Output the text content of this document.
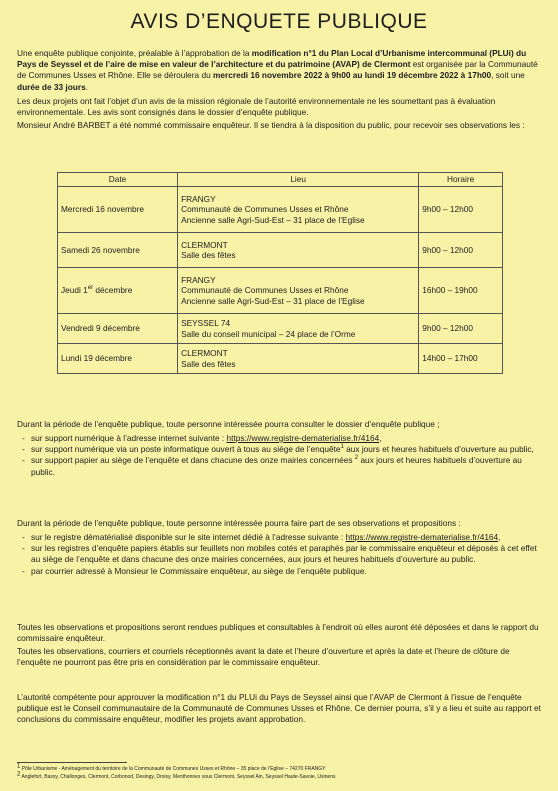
AVIS D’ENQUETE PUBLIQUE

Une enquête publique conjointe, préalable à l’approbation de la modification n°1 du Plan Local d’Urbanisme intercommunal (PLUi) du Pays de Seyssel et de l’aire de mise en valeur de l’architecture et du patrimoine (AVAP) de Clermont est organisée par la Communauté de Communes Usses et Rhône. Elle se déroulera du mercredi 16 novembre 2022 à 9h00 au lundi 19 décembre 2022 à 17h00, soit une durée de 33 jours.

Les deux projets ont fait l’objet d’un avis de la mission régionale de l’autorité environnementale ne les soumettant pas à évaluation environnementale. Les avis sont consignés dans le dossier d’enquête publique.

Monsieur André BARBET a été nommé commissaire enquêteur. Il se tiendra à la disposition du public, pour recevoir ses observations les :

Date	Lieu	Horaire
Mercredi 16 novembre	FRANGY
Communauté de Communes Usses et Rhône
Ancienne salle Agri-Sud-Est – 31 place de l’Eglise	9h00 – 12h00
Samedi 26 novembre	CLERMONT
Salle des fêtes	9h00 – 12h00
Jeudi 1er décembre	FRANGY
Communauté de Communes Usses et Rhône
Ancienne salle Agri-Sud-Est – 31 place de l’Eglise	16h00 – 19h00
Vendredi 9 décembre	SEYSSEL 74
Salle du conseil municipal – 24 place de l’Orme	9h00 – 12h00
Lundi 19 décembre	CLERMONT
Salle des fêtes	14h00 – 17h00

Durant la période de l’enquête publique, toute personne intéressée pourra consulter le dossier d’enquête publique ;

- sur support numérique à l’adresse internet suivante : https://www.registre-dematerialise.fr/4164,
- sur support numérique via un poste informatique ouvert à tous au siège de l’enquête$^1$ aux jours et heures habituels d’ouverture au public,
- sur support papier au siège de l’enquête et dans chacune des onze mairies concernées $^2$ aux jours et heures habituels d’ouverture au public.

Durant la période de l’enquête publique, toute personne intéressée pourra faire part de ses observations et propositions :

- sur le registre dématérialisé disponible sur le site internet dédié à l’adresse suivante : https://www.registre-dematerialise.fr/4164,
- sur les registres d’enquête papiers établis sur feuillets non mobiles cotés et paraphés par le commissaire enquêteur et déposés à cet effet au siège de l’enquête et dans chacune des onze mairies concernées, aux jours et heures habituels d’ouverture au public.
- par courrier adressé à Monsieur le Commissaire enquêteur, au siège de l’enquête publique.

Toutes les observations et propositions seront rendues publiques et consultables à l’endroit où elles auront été déposées et dans le rapport du commissaire enquêteur.

Toutes les observations, courriers et courriels réceptionnés avant la date et l’heure d’ouverture et après la date et l’heure de clôture de l’enquête ne pourront pas être pris en considération par le commissaire enquêteur.

L’autorité compétente pour approuver la modification n°1 du PLUi du Pays de Seyssel ainsi que l’AVAP de Clermont à l’issue de l’enquête publique est le Conseil communautaire de la Communauté de Communes Usses et Rhône. Ce dernier pourra, s’il y a lieu et suite au rapport et conclusions du commissaire enquêteur, modifier les projets avant approbation.

$^1$ Pôle Urbanisme - Aménagement du territoire de la Communauté de Communes Usses et Rhône – 35 place de l’Eglise – 74270 FRANGY

$^2$ Anglefort, Bassy, Challonges, Clermont, Corbonod, Desingy, Droisy, Menthonnex sous Clermont, Seyssel Ain, Seyssel Haute-Savoie, Usinens
